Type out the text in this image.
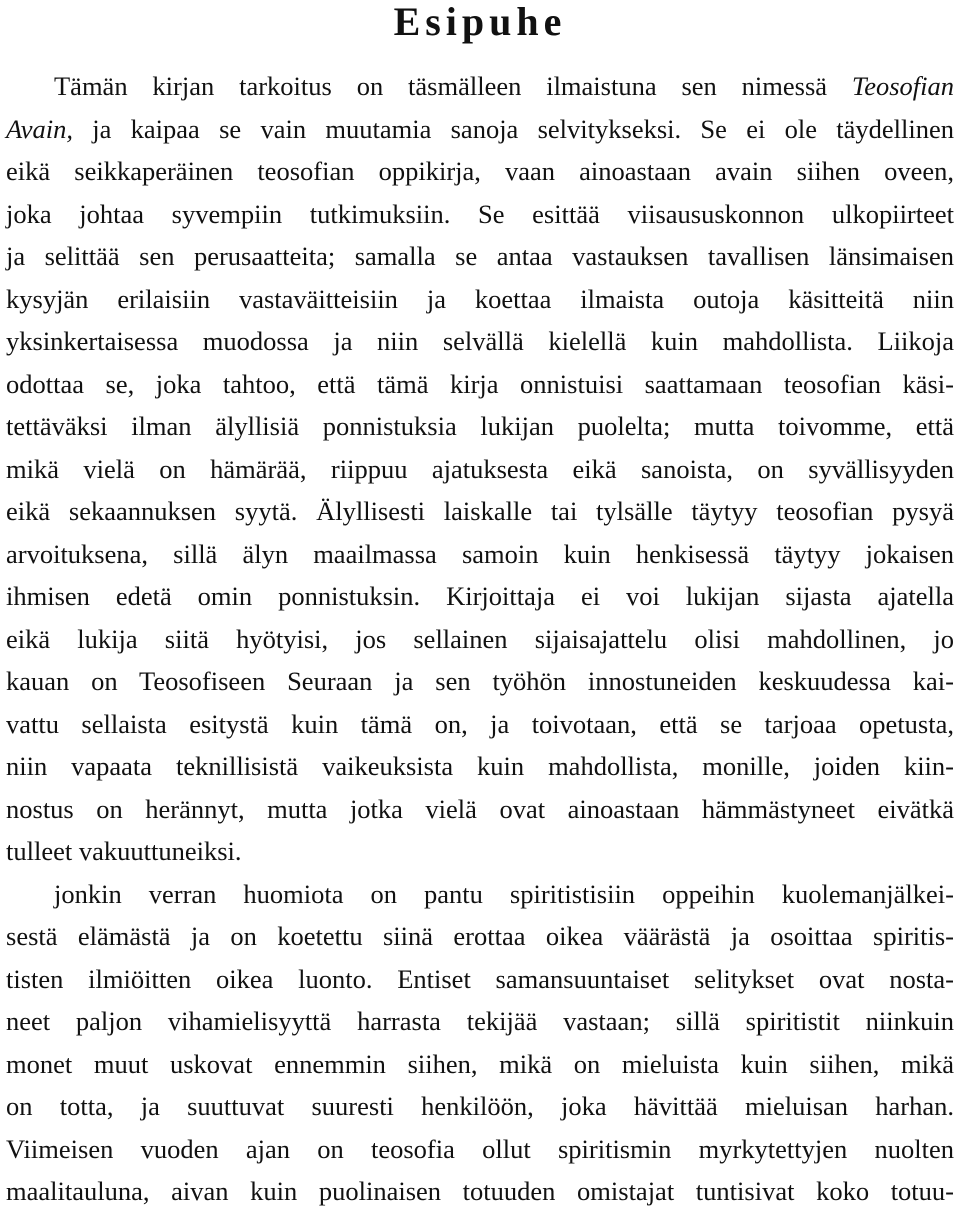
Esipuhe
Tämän kirjan tarkoitus on täsmälleen ilmaistuna sen nimessä Teosofian
Avain, ja kaipaa se vain muutamia sanoja selvitykseksi. Se ei ole täydellinen
eikä seikkaperäinen teosofian oppikirja, vaan ainoastaan avain siihen oveen,
joka johtaa syvempiin tutkimuksiin. Se esittää viisaususkonnon ulkopiirteet
ja selittää sen perusaatteita; samalla se antaa vastauksen tavallisen länsimaisen
kysyjän erilaisiin vastaväitteisiin ja koettaa ilmaista outoja käsitteitä niin
yksinkertaisessa muodossa ja niin selvällä kielellä kuin mahdollista. Liikoja
odottaa se, joka tahtoo, että tämä kirja onnistuisi saattamaan teosofian käsi-
tettäväksi ilman älyllisiä ponnistuksia lukijan puolelta; mutta toivomme, että
mikä vielä on hämärää, riippuu ajatuksesta eikä sanoista, on syvällisyyden
eikä sekaannuksen syytä. Älyllisesti laiskalle tai tylsälle täytyy teosofian pysyä
arvoituksena, sillä älyn maailmassa samoin kuin henkisessä täytyy jokaisen
ihmisen edetä omin ponnistuksin. Kirjoittaja ei voi lukijan sijasta ajatella
eikä lukija siitä hyötyisi, jos sellainen sijaisajattelu olisi mahdollinen, jo
kauan on Teosofiseen Seuraan ja sen työhön innostuneiden keskuudessa kai-
vattu sellaista esitystä kuin tämä on, ja toivotaan, että se tarjoaa opetusta,
niin vapaata teknillisistä vaikeuksista kuin mahdollista, monille, joiden kiin-
nostus on herännyt, mutta jotka vielä ovat ainoastaan hämmästyneet eivätkä
tulleet vakuuttuneiksi.
jonkin verran huomiota on pantu spiritistisiin oppeihin kuolemanjälkei-
sestä elämästä ja on koetettu siinä erottaa oikea väärästä ja osoittaa spiritis-
tisten ilmiöitten oikea luonto. Entiset samansuuntaiset selitykset ovat nosta-
neet paljon vihamielisyyttä harrasta tekijää vastaan; sillä spiritistit niinkuin
monet muut uskovat ennemmin siihen, mikä on mieluista kuin siihen, mikä
on totta, ja suuttuvat suuresti henkilöön, joka hävittää mieluisan harhan.
Viimeisen vuoden ajan on teosofia ollut spiritismin myrkytettyjen nuolten
maalitauluna, aivan kuin puolinaisen totuuden omistajat tuntisivat koko totuu-
